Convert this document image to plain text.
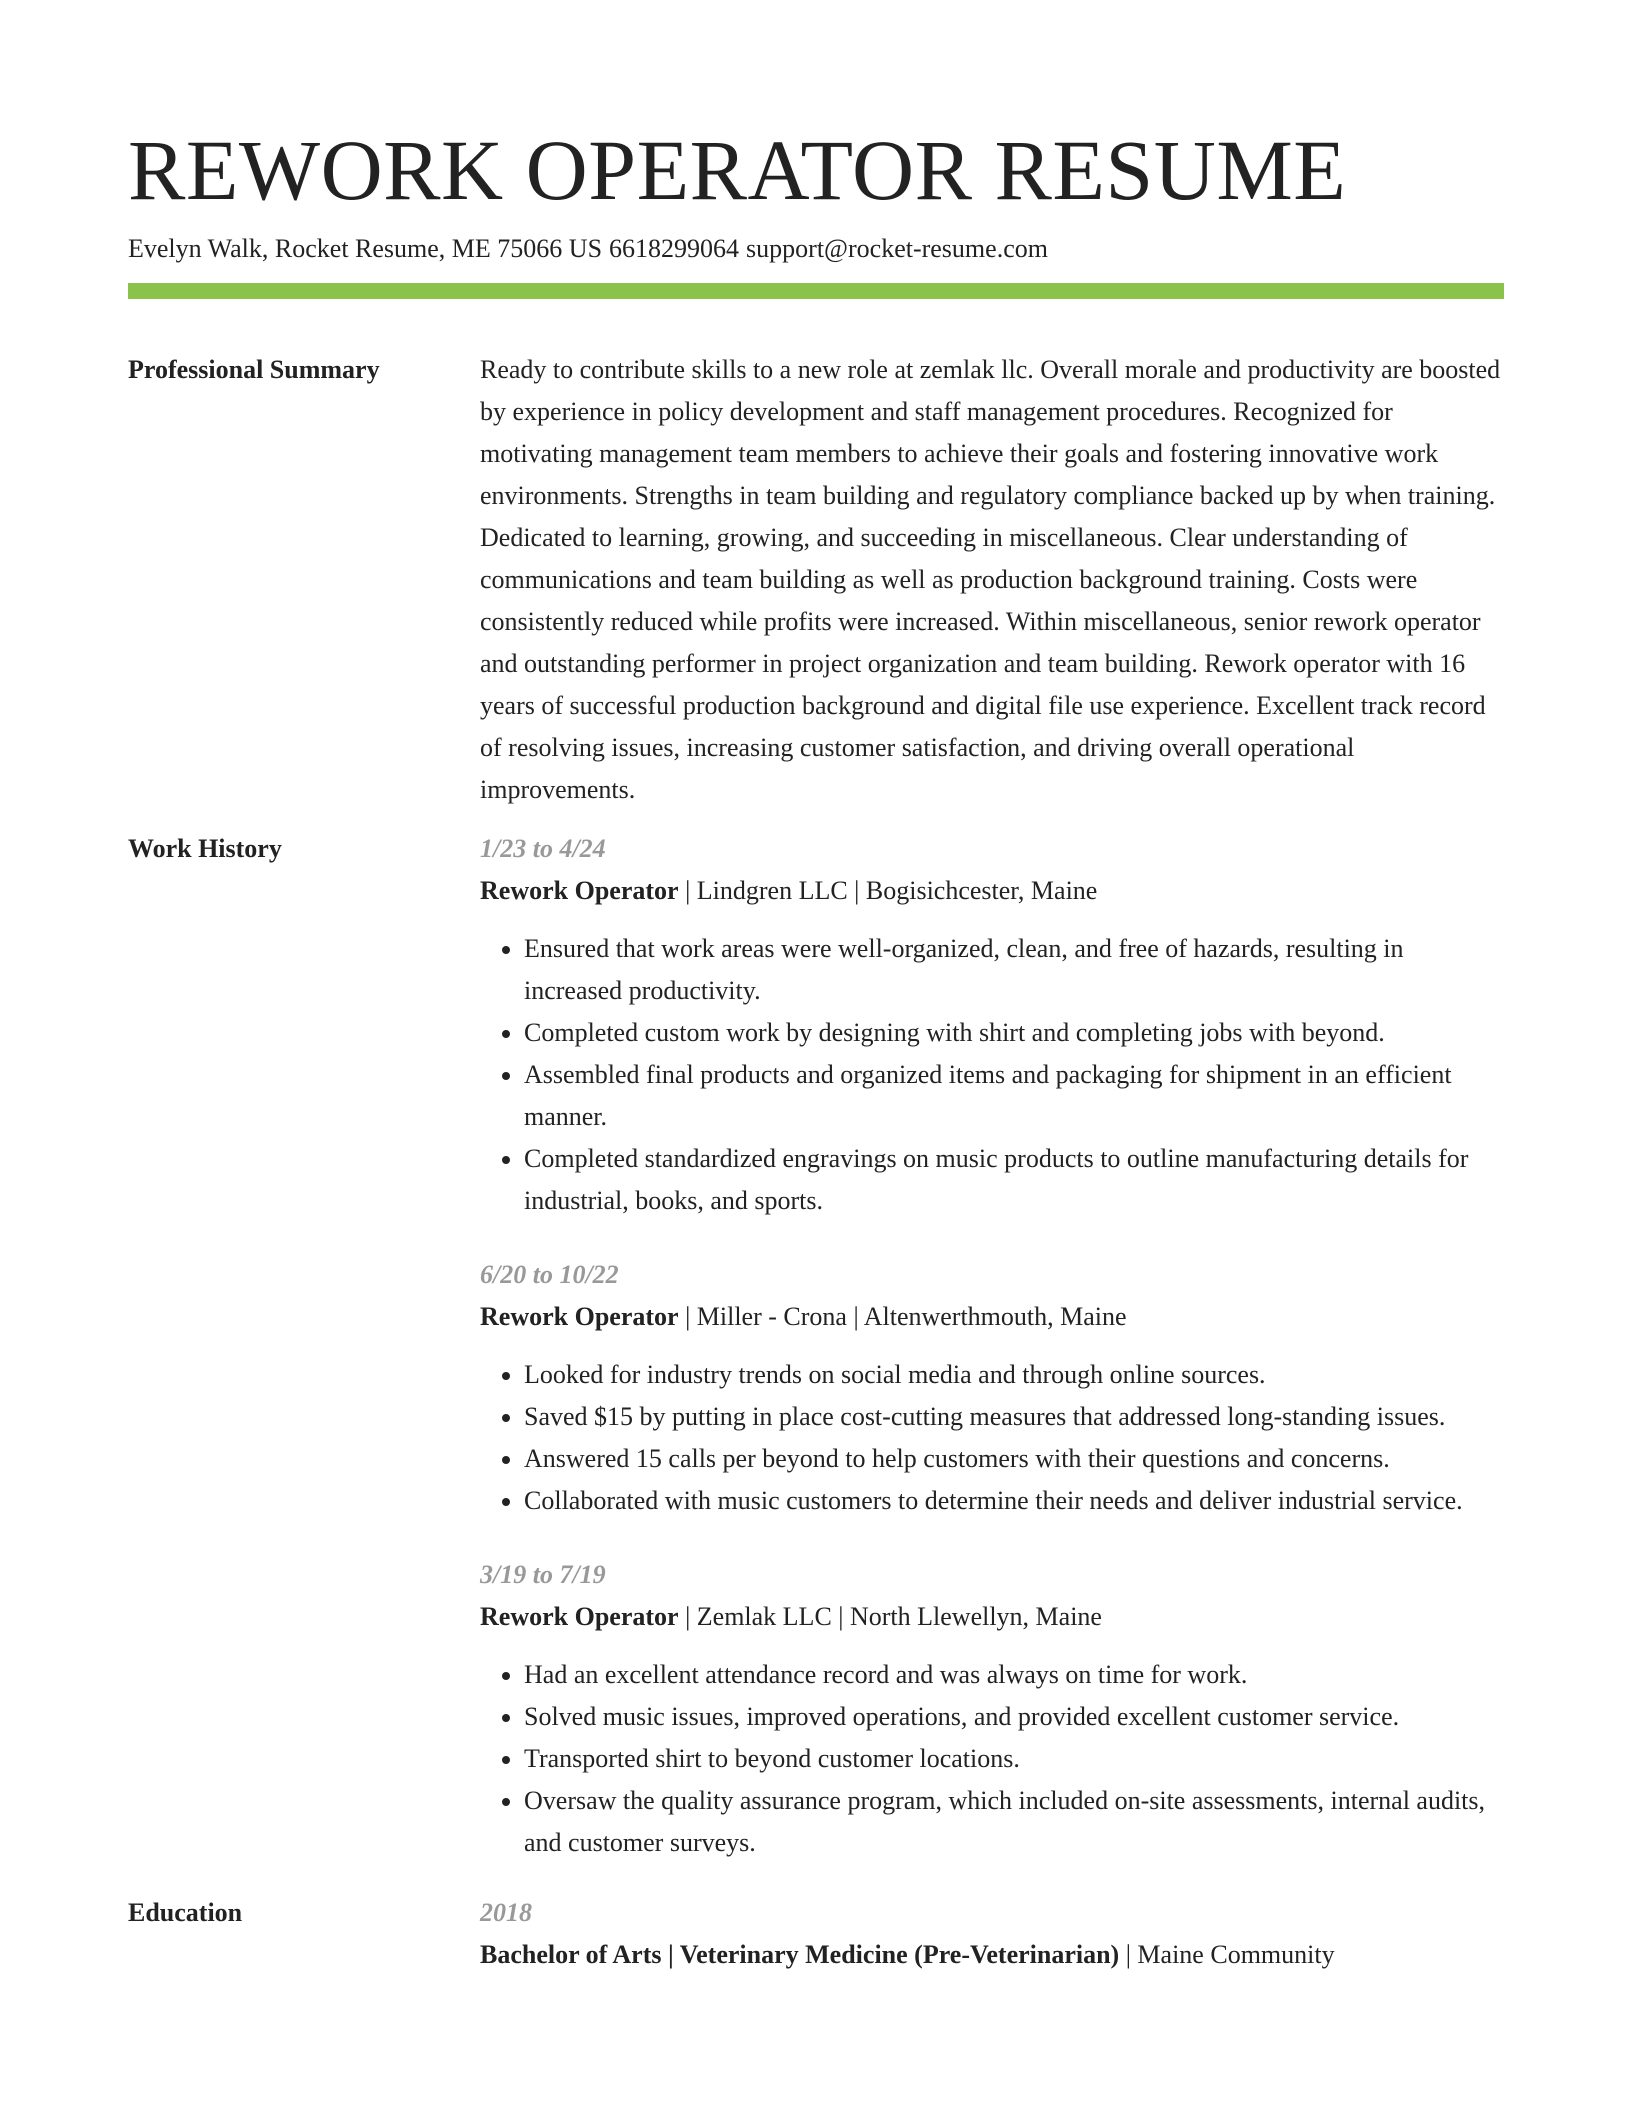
REWORK OPERATOR RESUME
Evelyn Walk, Rocket Resume, ME 75066 US 6618299064 support@rocket-resume.com
Professional Summary	Ready to contribute skills to a new role at zemlak llc. Overall morale and productivity are boosted by experience in policy development and staff management procedures. Recognized for motivating management team members to achieve their goals and fostering innovative work environments. Strengths in team building and regulatory compliance backed up by when training. Dedicated to learning, growing, and succeeding in miscellaneous. Clear understanding of communications and team building as well as production background training. Costs were consistently reduced while profits were increased. Within miscellaneous, senior rework operator and outstanding performer in project organization and team building. Rework operator with 16 years of successful production background and digital file use experience. Excellent track record of resolving issues, increasing customer satisfaction, and driving overall operational improvements.
Work History	1/23 to 4/24
Rework Operator | Lindgren LLC | Bogisichcester, Maine
• Ensured that work areas were well-organized, clean, and free of hazards, resulting in increased productivity.
• Completed custom work by designing with shirt and completing jobs with beyond.
• Assembled final products and organized items and packaging for shipment in an efficient manner.
• Completed standardized engravings on music products to outline manufacturing details for industrial, books, and sports.
6/20 to 10/22
Rework Operator | Miller - Crona | Altenwerthmouth, Maine
• Looked for industry trends on social media and through online sources.
• Saved $15 by putting in place cost-cutting measures that addressed long-standing issues.
• Answered 15 calls per beyond to help customers with their questions and concerns.
• Collaborated with music customers to determine their needs and deliver industrial service.
3/19 to 7/19
Rework Operator | Zemlak LLC | North Llewellyn, Maine
• Had an excellent attendance record and was always on time for work.
• Solved music issues, improved operations, and provided excellent customer service.
• Transported shirt to beyond customer locations.
• Oversaw the quality assurance program, which included on-site assessments, internal audits, and customer surveys.
Education	2018
Bachelor of Arts | Veterinary Medicine (Pre-Veterinarian) | Maine Community
